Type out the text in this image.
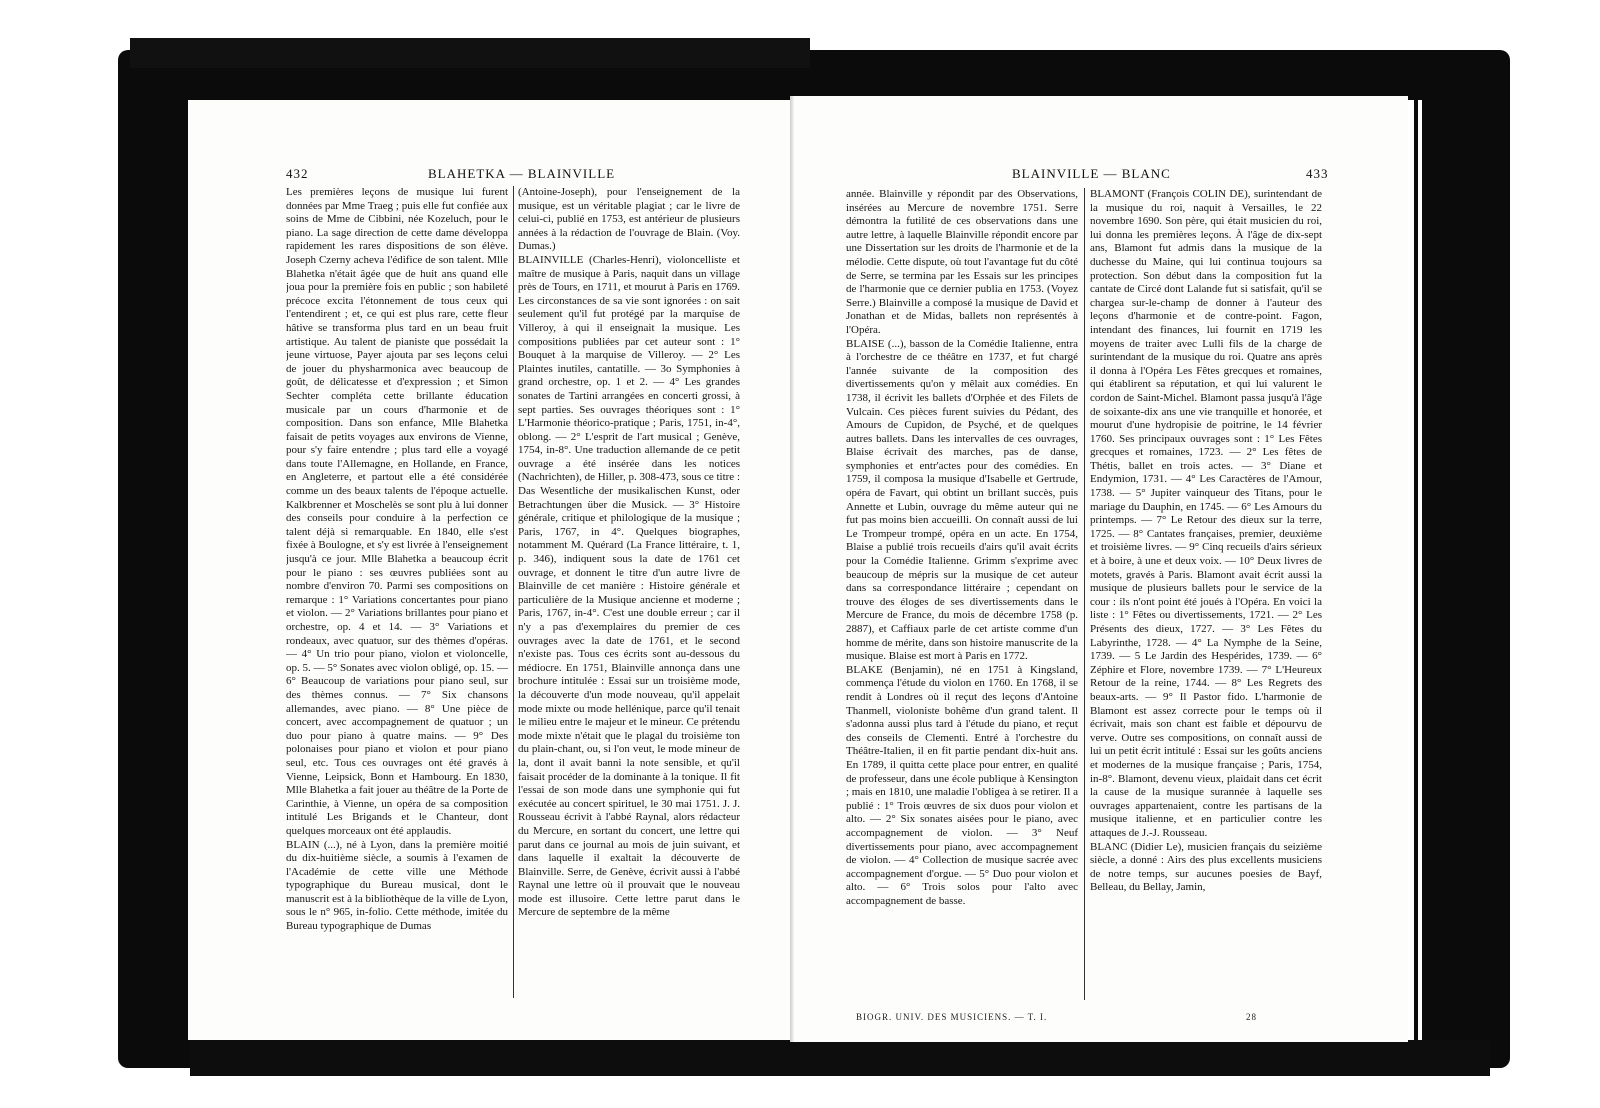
432	BLAHETKA — BLAINVILLE

Les premières leçons de musique lui furent données par Mme Traeg ; puis elle fut confiée aux soins de Mme de Cibbini, née Kozeluch, pour le piano. La sage direction de cette dame développa rapidement les rares dispositions de son élève. Joseph Czerny acheva l'édifice de son talent. Mlle Blahetka n'était âgée que de huit ans quand elle joua pour la première fois en public ; son habileté précoce excita l'étonnement de tous ceux qui l'entendirent ; et, ce qui est plus rare, cette fleur hâtive se transforma plus tard en un beau fruit artistique. Au talent de pianiste que possédait la jeune virtuose, Payer ajouta par ses leçons celui de jouer du physharmonica avec beaucoup de goût, de délicatesse et d'expression ; et Simon Sechter compléta cette brillante éducation musicale par un cours d'harmonie et de composition. Dans son enfance, Mlle Blahetka faisait de petits voyages aux environs de Vienne, pour s'y faire entendre ; plus tard elle a voyagé dans toute l'Allemagne, en Hollande, en France, en Angleterre, et partout elle a été considérée comme un des beaux talents de l'époque actuelle. Kalkbrenner et Moschelès se sont plu à lui donner des conseils pour conduire à la perfection ce talent déjà si remarquable. En 1840, elle s'est fixée à Boulogne, et s'y est livrée à l'enseignement jusqu'à ce jour. Mlle Blahetka a beaucoup écrit pour le piano : ses œuvres publiées sont au nombre d'environ 70. Parmi ses compositions on remarque : 1° Variations concertantes pour piano et violon. — 2° Variations brillantes pour piano et orchestre, op. 4 et 14. — 3° Variations et rondeaux, avec quatuor, sur des thèmes d'opéras. — 4° Un trio pour piano, violon et violoncelle, op. 5. — 5° Sonates avec violon obligé, op. 15. — 6° Beaucoup de variations pour piano seul, sur des thèmes connus. — 7° Six chansons allemandes, avec piano. — 8° Une pièce de concert, avec accompagnement de quatuor ; un duo pour piano à quatre mains. — 9° Des polonaises pour piano et violon et pour piano seul, etc. Tous ces ouvrages ont été gravés à Vienne, Leipsick, Bonn et Hambourg. En 1830, Mlle Blahetka a fait jouer au théâtre de la Porte de Carinthie, à Vienne, un opéra de sa composition intitulé Les Brigands et le Chanteur, dont quelques morceaux ont été applaudis.

BLAIN (...), né à Lyon, dans la première moitié du dix-huitième siècle, a soumis à l'examen de l'Académie de cette ville une Méthode typographique du Bureau musical, dont le manuscrit est à la bibliothèque de la ville de Lyon, sous le n° 965, in-folio. Cette méthode, imitée du Bureau typographique de Dumas

(Antoine-Joseph), pour l'enseignement de la musique, est un véritable plagiat ; car le livre de celui-ci, publié en 1753, est antérieur de plusieurs années à la rédaction de l'ouvrage de Blain. (Voy. Dumas.)

BLAINVILLE (Charles-Henri), violoncelliste et maître de musique à Paris, naquit dans un village près de Tours, en 1711, et mourut à Paris en 1769. Les circonstances de sa vie sont ignorées : on sait seulement qu'il fut protégé par la marquise de Villeroy, à qui il enseignait la musique. Les compositions publiées par cet auteur sont : 1° Bouquet à la marquise de Villeroy. — 2° Les Plaintes inutiles, cantatille. — 3o Symphonies à grand orchestre, op. 1 et 2. — 4° Les grandes sonates de Tartini arrangées en concerti grossi, à sept parties. Ses ouvrages théoriques sont : 1° L'Harmonie théorico-pratique ; Paris, 1751, in-4°, oblong. — 2° L'esprit de l'art musical ; Genève, 1754, in-8°. Une traduction allemande de ce petit ouvrage a été insérée dans les notices (Nachrichten), de Hiller, p. 308-473, sous ce titre : Das Wesentliche der musikalischen Kunst, oder Betrachtungen über die Musick. — 3° Histoire générale, critique et philologique de la musique ; Paris, 1767, in 4°. Quelques biographes, notamment M. Quérard (La France littéraire, t. 1, p. 346), indiquent sous la date de 1761 cet ouvrage, et donnent le titre d'un autre livre de Blainville de cet manière : Histoire générale et particulière de la Musique ancienne et moderne ; Paris, 1767, in-4°. C'est une double erreur ; car il n'y a pas d'exemplaires du premier de ces ouvrages avec la date de 1761, et le second n'existe pas. Tous ces écrits sont au-dessous du médiocre. En 1751, Blainville annonça dans une brochure intitulée : Essai sur un troisième mode, la découverte d'un mode nouveau, qu'il appelait mode mixte ou mode hellénique, parce qu'il tenait le milieu entre le majeur et le mineur. Ce prétendu mode mixte n'était que le plagal du troisième ton du plain-chant, ou, si l'on veut, le mode mineur de la, dont il avait banni la note sensible, et qu'il faisait procéder de la dominante à la tonique. Il fit l'essai de son mode dans une symphonie qui fut exécutée au concert spirituel, le 30 mai 1751. J. J. Rousseau écrivit à l'abbé Raynal, alors rédacteur du Mercure, en sortant du concert, une lettre qui parut dans ce journal au mois de juin suivant, et dans laquelle il exaltait la découverte de Blainville. Serre, de Genève, écrivit aussi à l'abbé Raynal une lettre où il prouvait que le nouveau mode est illusoire. Cette lettre parut dans le Mercure de septembre de la même

BLAINVILLE — BLANC	433

année. Blainville y répondit par des Observations, insérées au Mercure de novembre 1751. Serre démontra la futilité de ces observations dans une autre lettre, à laquelle Blainville répondit encore par une Dissertation sur les droits de l'harmonie et de la mélodie. Cette dispute, où tout l'avantage fut du côté de Serre, se termina par les Essais sur les principes de l'harmonie que ce dernier publia en 1753. (Voyez Serre.) Blainville a composé la musique de David et Jonathan et de Midas, ballets non représentés à l'Opéra.

BLAISE (...), basson de la Comédie Italienne, entra à l'orchestre de ce théâtre en 1737, et fut chargé l'année suivante de la composition des divertissements qu'on y mêlait aux comédies. En 1738, il écrivit les ballets d'Orphée et des Filets de Vulcain. Ces pièces furent suivies du Pédant, des Amours de Cupidon, de Psyché, et de quelques autres ballets. Dans les intervalles de ces ouvrages, Blaise écrivait des marches, pas de danse, symphonies et entr'actes pour des comédies. En 1759, il composa la musique d'Isabelle et Gertrude, opéra de Favart, qui obtint un brillant succès, puis Annette et Lubin, ouvrage du même auteur qui ne fut pas moins bien accueilli. On connaît aussi de lui Le Trompeur trompé, opéra en un acte. En 1754, Blaise a publié trois recueils d'airs qu'il avait écrits pour la Comédie Italienne. Grimm s'exprime avec beaucoup de mépris sur la musique de cet auteur dans sa correspondance littéraire ; cependant on trouve des éloges de ses divertissements dans le Mercure de France, du mois de décembre 1758 (p. 2887), et Caffiaux parle de cet artiste comme d'un homme de mérite, dans son histoire manuscrite de la musique. Blaise est mort à Paris en 1772.

BLAKE (Benjamin), né en 1751 à Kingsland, commença l'étude du violon en 1760. En 1768, il se rendit à Londres où il reçut des leçons d'Antoine Thanmell, violoniste bohême d'un grand talent. Il s'adonna aussi plus tard à l'étude du piano, et reçut des conseils de Clementi. Entré à l'orchestre du Théâtre-Italien, il en fit partie pendant dix-huit ans. En 1789, il quitta cette place pour entrer, en qualité de professeur, dans une école publique à Kensington ; mais en 1810, une maladie l'obligea à se retirer. Il a publié : 1° Trois œuvres de six duos pour violon et alto. — 2° Six sonates aisées pour le piano, avec accompagnement de violon. — 3° Neuf divertissements pour piano, avec accompagnement de violon. — 4° Collection de musique sacrée avec accompagnement d'orgue. — 5° Duo pour violon et alto. — 6° Trois solos pour l'alto avec accompagnement de basse.

BLAMONT (François COLIN DE), surintendant de la musique du roi, naquit à Versailles, le 22 novembre 1690. Son père, qui était musicien du roi, lui donna les premières leçons. À l'âge de dix-sept ans, Blamont fut admis dans la musique de la duchesse du Maine, qui lui continua toujours sa protection. Son début dans la composition fut la cantate de Circé dont Lalande fut si satisfait, qu'il se chargea sur-le-champ de donner à l'auteur des leçons d'harmonie et de contre-point. Fagon, intendant des finances, lui fournit en 1719 les moyens de traiter avec Lulli fils de la charge de surintendant de la musique du roi. Quatre ans après il donna à l'Opéra Les Fêtes grecques et romaines, qui établirent sa réputation, et qui lui valurent le cordon de Saint-Michel. Blamont passa jusqu'à l'âge de soixante-dix ans une vie tranquille et honorée, et mourut d'une hydropisie de poitrine, le 14 février 1760. Ses principaux ouvrages sont : 1° Les Fêtes grecques et romaines, 1723. — 2° Les fêtes de Thétis, ballet en trois actes. — 3° Diane et Endymion, 1731. — 4° Les Caractères de l'Amour, 1738. — 5° Jupiter vainqueur des Titans, pour le mariage du Dauphin, en 1745. — 6° Les Amours du printemps. — 7° Le Retour des dieux sur la terre, 1725. — 8° Cantates françaises, premier, deuxième et troisième livres. — 9° Cinq recueils d'airs sérieux et à boire, à une et deux voix. — 10° Deux livres de motets, gravés à Paris. Blamont avait écrit aussi la musique de plusieurs ballets pour le service de la cour : ils n'ont point été joués à l'Opéra. En voici la liste : 1° Fêtes ou divertissements, 1721. — 2° Les Présents des dieux, 1727. — 3° Les Fêtes du Labyrinthe, 1728. — 4° La Nymphe de la Seine, 1739. — 5 Le Jardin des Hespérides, 1739. — 6° Zéphire et Flore, novembre 1739. — 7° L'Heureux Retour de la reine, 1744. — 8° Les Regrets des beaux-arts. — 9° Il Pastor fido. L'harmonie de Blamont est assez correcte pour le temps où il écrivait, mais son chant est faible et dépourvu de verve. Outre ses compositions, on connaît aussi de lui un petit écrit intitulé : Essai sur les goûts anciens et modernes de la musique française ; Paris, 1754, in-8°. Blamont, devenu vieux, plaidait dans cet écrit la cause de la musique surannée à laquelle ses ouvrages appartenaient, contre les partisans de la musique italienne, et en particulier contre les attaques de J.-J. Rousseau.

BLANC (Didier Le), musicien français du seizième siècle, a donné : Airs des plus excellents musiciens de notre temps, sur aucunes poesies de Bayf, Belleau, du Bellay, Jamin,

BIOGR. UNIV. DES MUSICIENS. — T. I.	28
